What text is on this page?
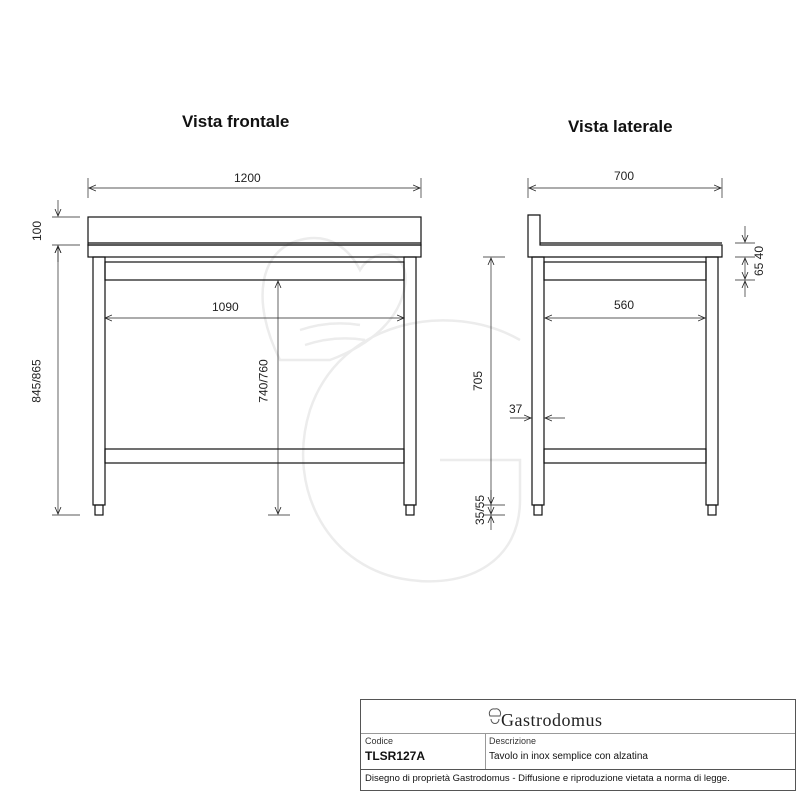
Vista frontale	Vista laterale
1200
1090
100
845/865	740/760
700
560
65 40
705
37
35/55
Gastrodomus
Codice
TLSR127A
Descrizione
Tavolo in inox semplice con alzatina
Disegno di proprietà Gastrodomus - Diffusione e riproduzione vietata a norma di legge.
